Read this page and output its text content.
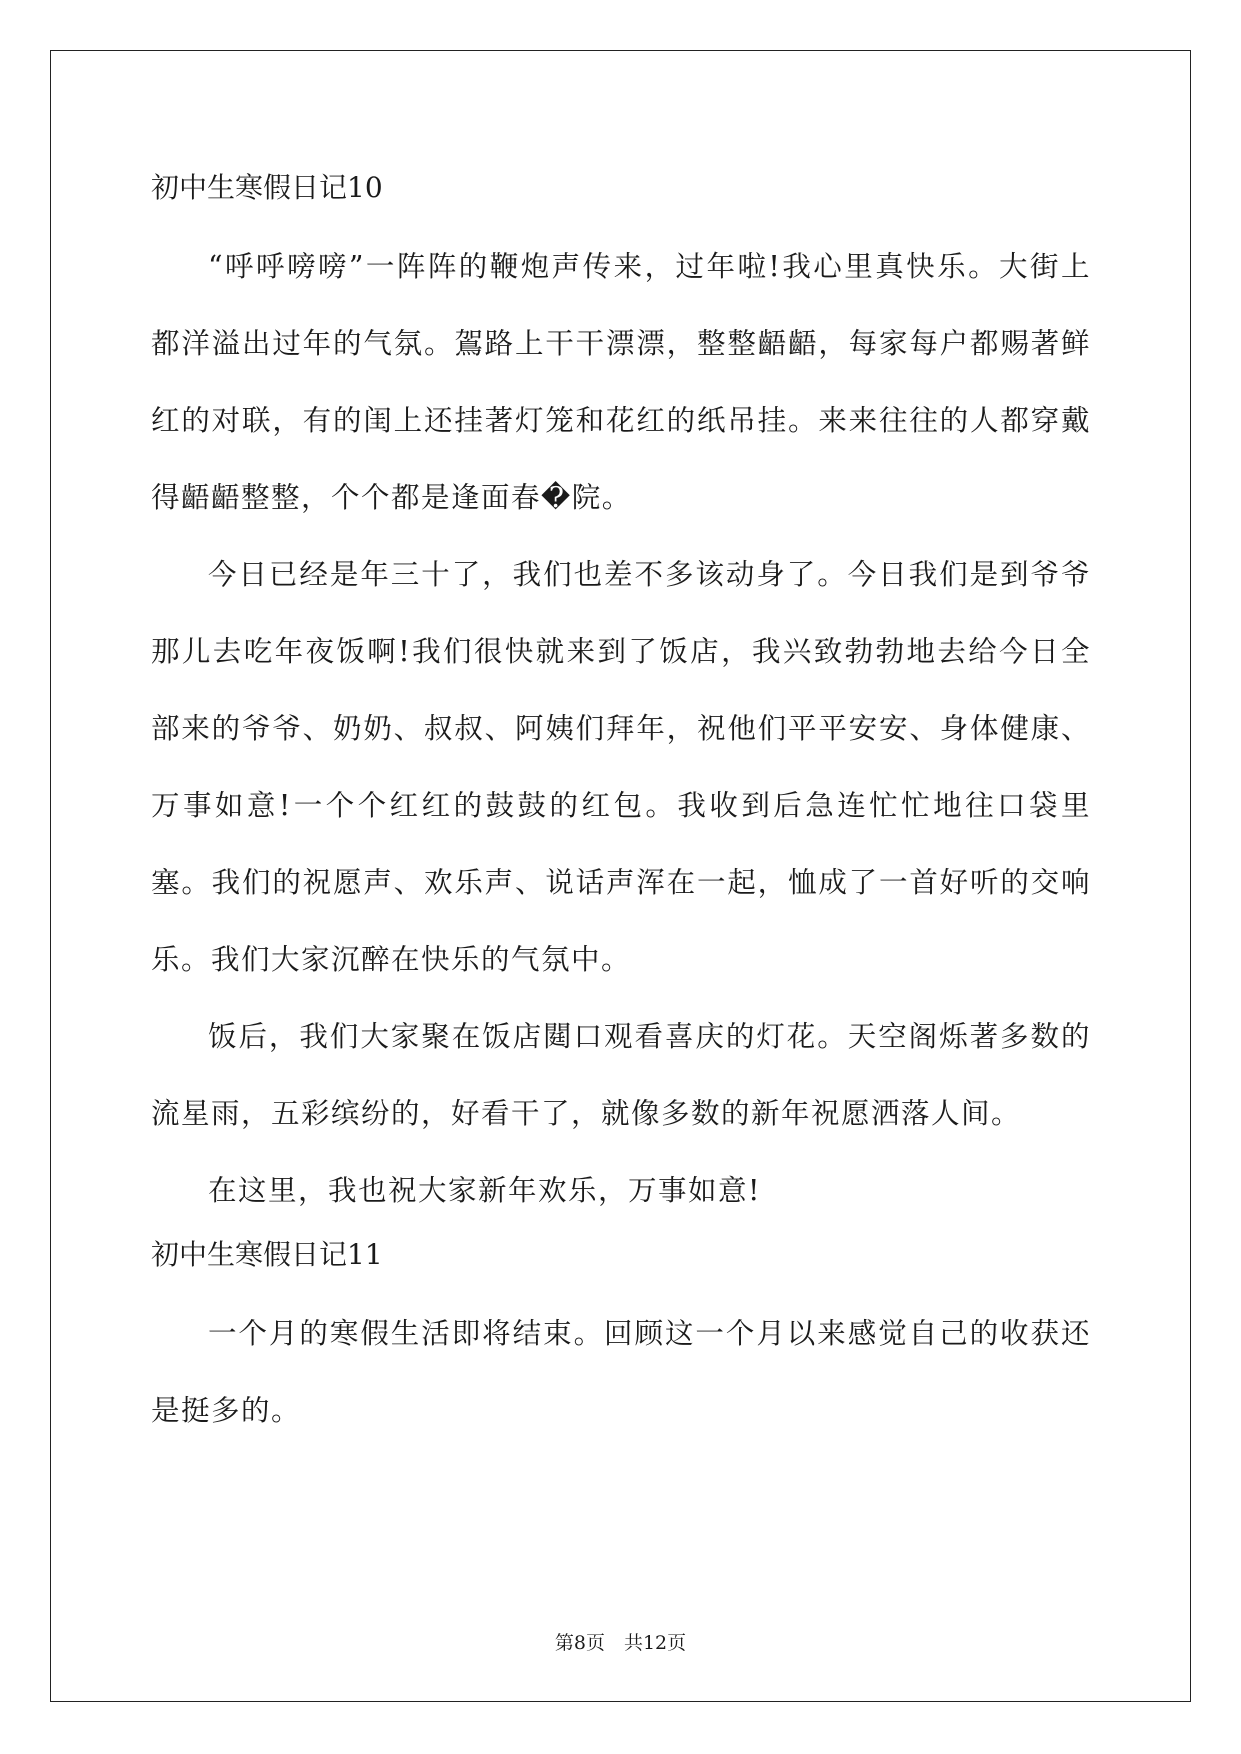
初中生寒假日记10

“呼呼嗙嗙”一阵阵的鞭炮声传来，过年啦!我心里真快乐。大街上都洋溢出过年的气氛。鴐路上干干漂漂，整整齬齬，每家每户都赐著鲜红的对联，有的闺上还挂著灯笼和花红的纸吊挂。来来往往的人都穿戴得齬齬整整，个个都是逢面春�院。

今日已经是年三十了，我们也差不多该动身了。今日我们是到爷爷那儿去吃年夜饭啊!我们很快就来到了饭店，我兴致勃勃地去给今日全部来的爷爷、奶奶、叔叔、阿姨们拜年，祝他们平平安安、身体健康、万事如意!一个个红红的鼓鼓的红包。我收到后急连忙忙地往口袋里塞。我们的祝愿声、欢乐声、说话声浑在一起，恤成了一首好听的交响乐。我们大家沉醉在快乐的气氛中。

饭后，我们大家聚在饭店閮口观看喜庆的灯花。天空阁烁著多数的流星雨，五彩缤纷的，好看干了，就像多数的新年祝愿洒落人间。

在这里，我也祝大家新年欢乐，万事如意!

初中生寒假日记11

一个月的寒假生活即将结束。回顾这一个月以来感觉自己的收获还是挺多的。

第8页　共12页
